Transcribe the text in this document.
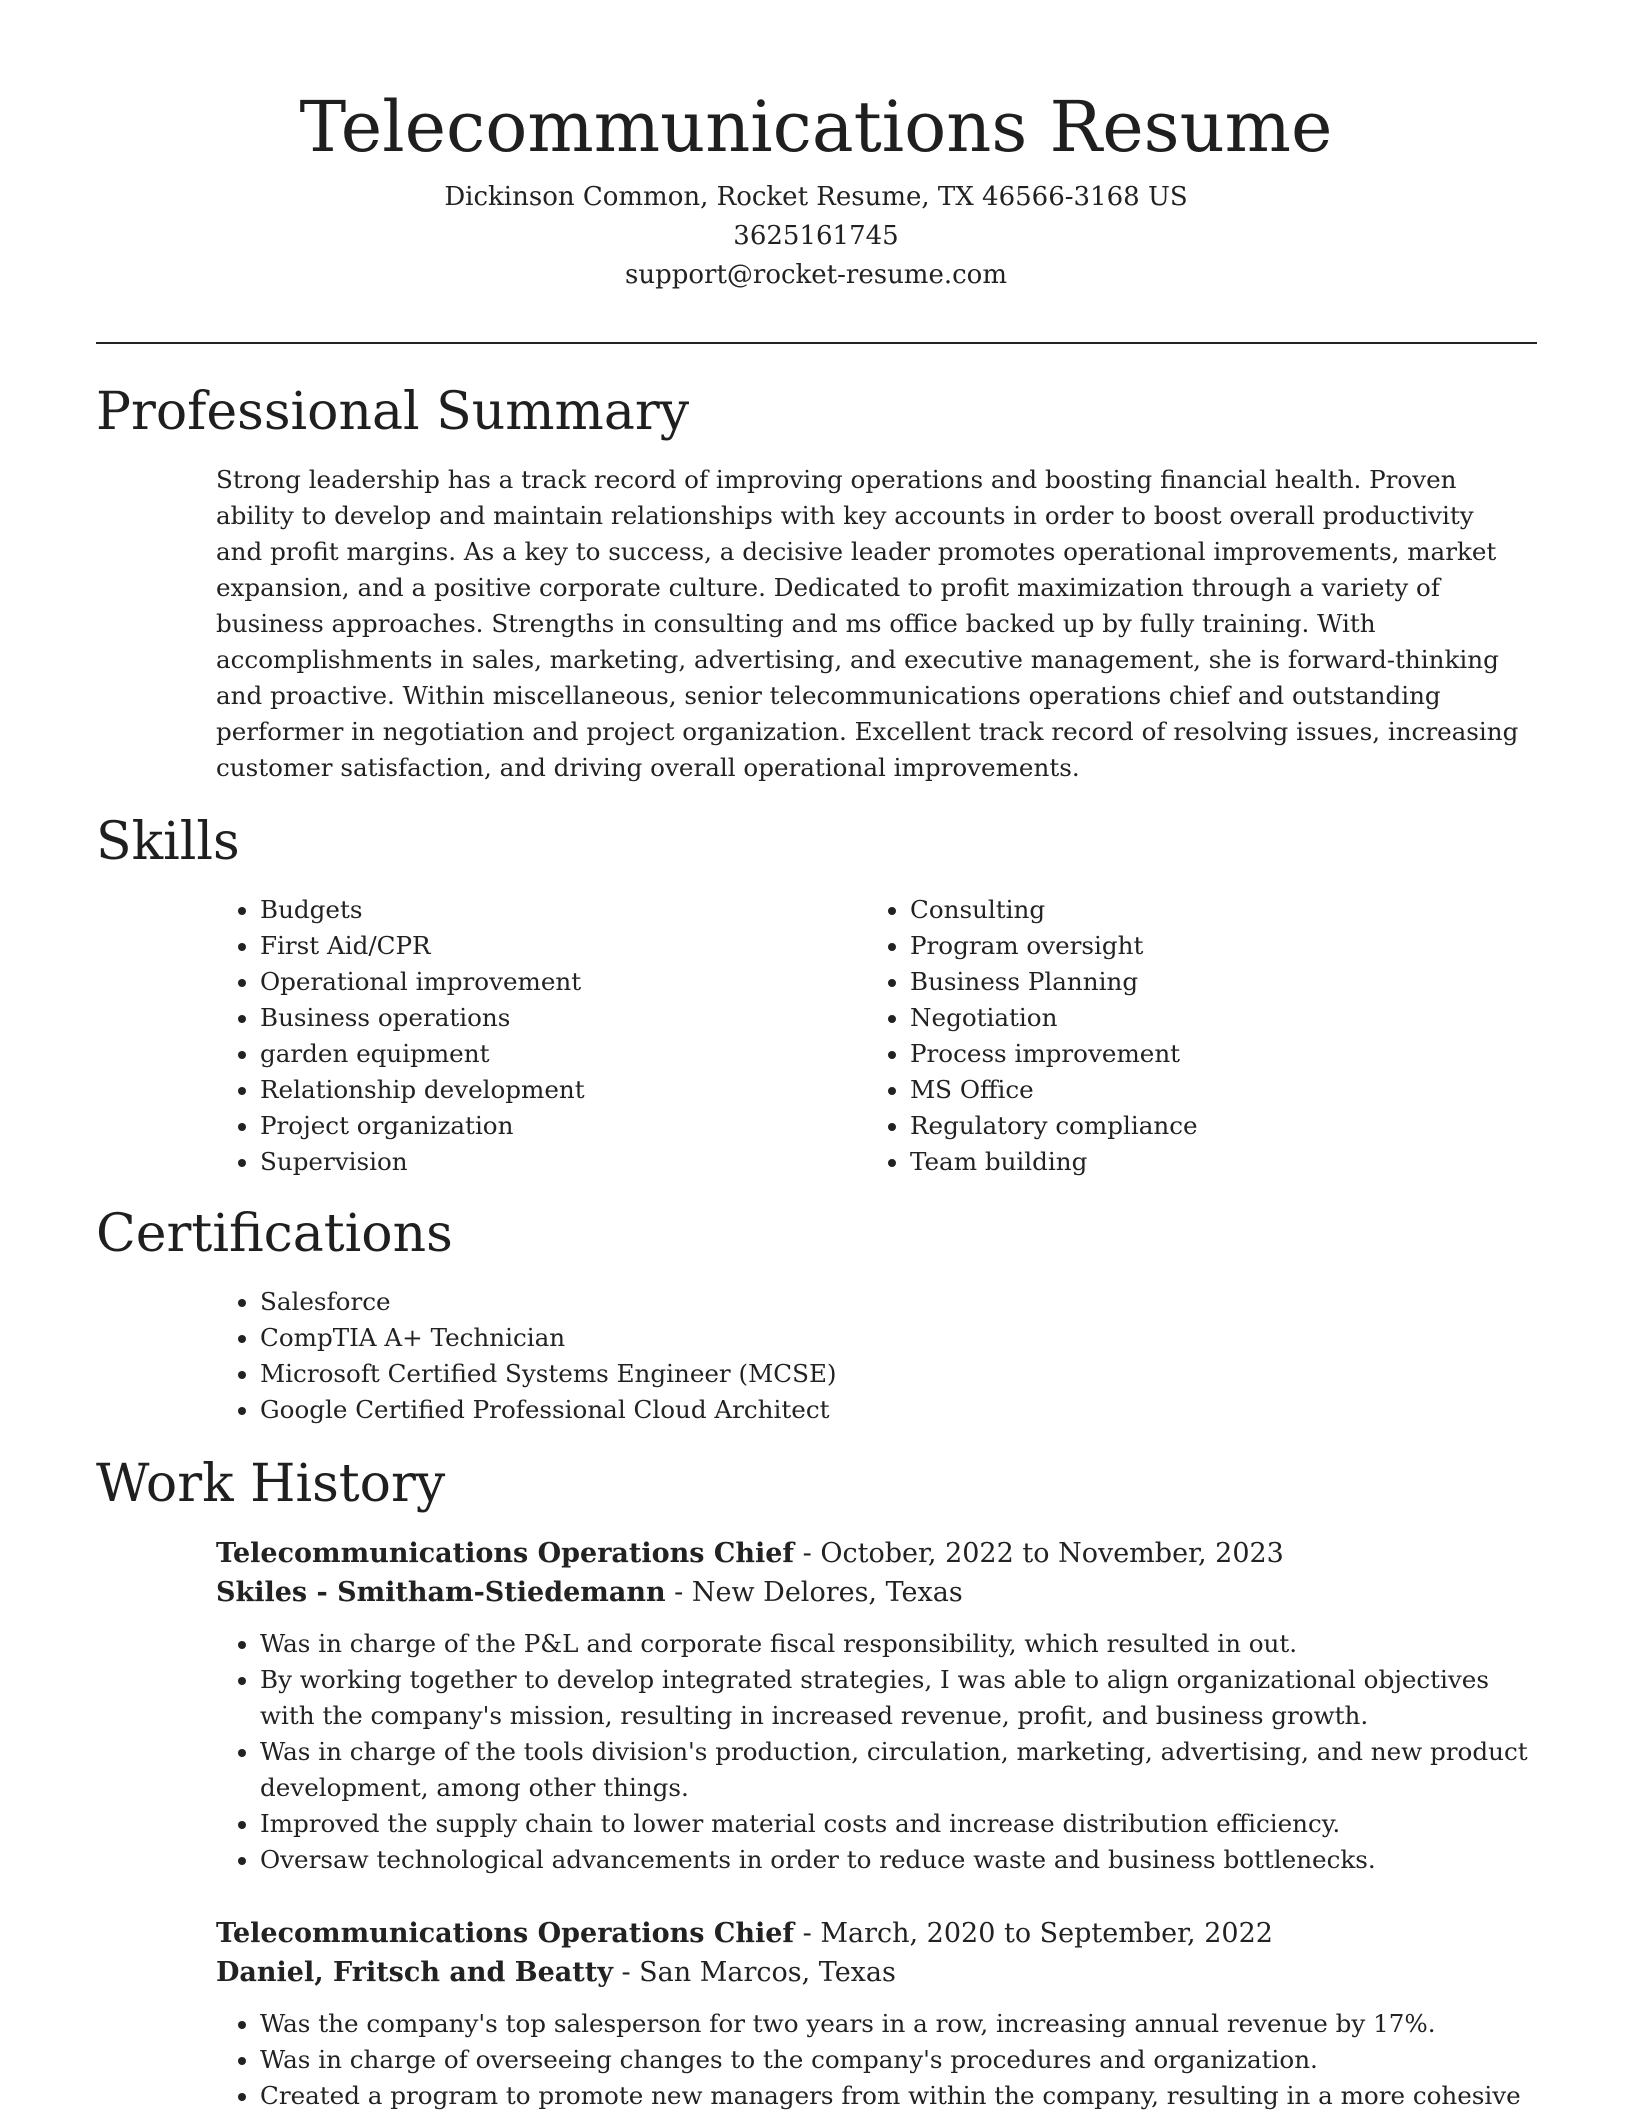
Telecommunications Resume
Dickinson Common, Rocket Resume, TX 46566-3168 US
3625161745
support@rocket-resume.com
Professional Summary

Strong leadership has a track record of improving operations and boosting financial health. Proven ability to develop and maintain relationships with key accounts in order to boost overall productivity and profit margins. As a key to success, a decisive leader promotes operational improvements, market expansion, and a positive corporate culture. Dedicated to profit maximization through a variety of business approaches. Strengths in consulting and ms office backed up by fully training. With accomplishments in sales, marketing, advertising, and executive management, she is forward-thinking and proactive. Within miscellaneous, senior telecommunications operations chief and outstanding performer in negotiation and project organization. Excellent track record of resolving issues, increasing customer satisfaction, and driving overall operational improvements.

Skills
• Budgets
• First Aid/CPR
• Operational improvement
• Business operations
• garden equipment
• Relationship development
• Project organization
• Supervision
• Consulting
• Program oversight
• Business Planning
• Negotiation
• Process improvement
• MS Office
• Regulatory compliance
• Team building
Certifications
• Salesforce
• CompTIA A+ Technician
• Microsoft Certified Systems Engineer (MCSE)
• Google Certified Professional Cloud Architect
Work History
Telecommunications Operations Chief - October, 2022 to November, 2023
Skiles - Smitham-Stiedemann - New Delores, Texas
• Was in charge of the P&L and corporate fiscal responsibility, which resulted in out.
• By working together to develop integrated strategies, I was able to align organizational objectives with the company's mission, resulting in increased revenue, profit, and business growth.
• Was in charge of the tools division's production, circulation, marketing, advertising, and new product development, among other things.
• Improved the supply chain to lower material costs and increase distribution efficiency.
• Oversaw technological advancements in order to reduce waste and business bottlenecks.
Telecommunications Operations Chief - March, 2020 to September, 2022
Daniel, Fritsch and Beatty - San Marcos, Texas
• Was the company's top salesperson for two years in a row, increasing annual revenue by 17%.
• Was in charge of overseeing changes to the company's procedures and organization.
• Created a program to promote new managers from within the company, resulting in a more cohesive
